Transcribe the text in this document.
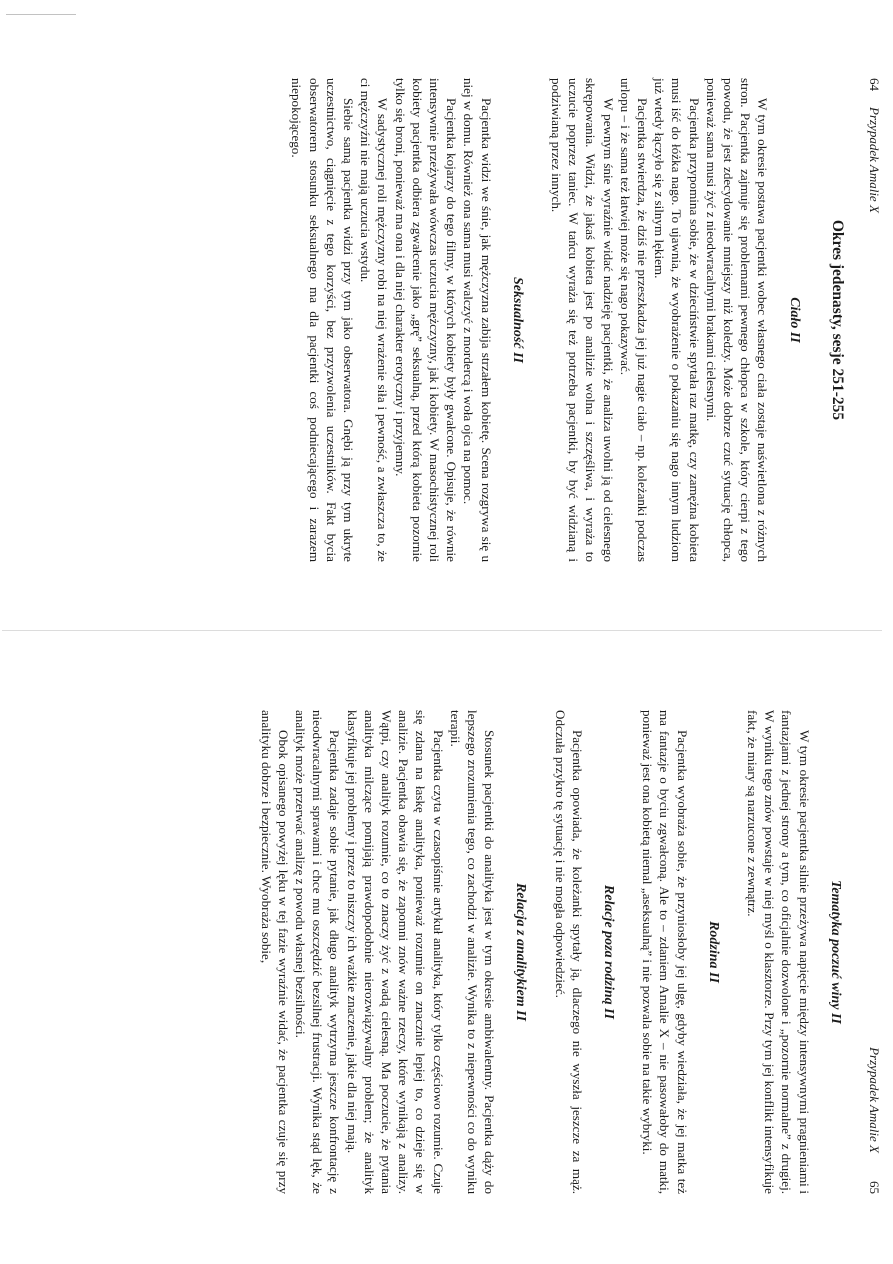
64
Przypadek Amalie X
Okres jedenasty, sesje 251-255
Ciało II

W tym okresie postawa pacjentki wobec własnego ciała zostaje naświetlona z różnych stron. Pacjentka zajmuje się problemami pewnego chłopca w szkole, który cierpi z tego powodu, że jest zdecydowanie mniejszy niż koledzy. Może dobrze czuć sytuację chłopca, ponieważ sama musi żyć z nieodwracalnymi brakami cielesnymi.

Pacjentka przypomina sobie, że w dzieciństwie spytała raz matkę, czy zamężna kobieta musi iść do łóżka nago. To ujawnia, że wyobrażenie o pokazaniu się nago innym ludziom już wtedy łączyło się z silnym lękiem.

Pacjentka stwierdza, że dziś nie przeszkadza jej już nagie ciało – np. koleżanki podczas urlopu – i że sama też łatwiej może się nago pokazywać.

W pewnym śnie wyraźnie widać nadzieję pacjentki, że analiza uwolni ją od cielesnego skrępowania. Widzi, że jakaś kobieta jest po analizie wolna i szczęśliwa, i wyraża to uczucie poprzez taniec. W tańcu wyraża się też potrzeba pacjentki, by być widzianą i podziwianą przez innych.

Seksualność II

Pacjentka widzi we śnie, jak mężczyzna zabija strzałem kobietę. Scena rozgrywa się u niej w domu. Również ona sama musi walczyć z mordercą i woła ojca na pomoc.

Pacjentka kojarzy do tego filmy, w których kobiety były gwałcone. Opisuje, że równie intensywnie przeżywała wówczas uczucia mężczyzny, jak i kobiety. W masochistycznej roli kobiety pacjentka odbiera zgwałcenie jako „grę” seksualną, przed którą kobieta pozornie tylko się broni, ponieważ ma ona i dla niej charakter erotyczny i przyjemny.

W sadystycznej roli mężczyzny robi na niej wrażenie siła i pewność, a zwłaszcza to, że ci mężczyźni nie mają uczucia wstydu.

Siebie samą pacjentka widzi przy tym jako obserwatora. Gnębi ją przy tym ukryte uczestnictwo, ciągnięcie z tego korzyści, bez przyzwolenia uczestników. Fakt bycia obserwatorem stosunku seksualnego ma dla pacjentki coś podniecającego i zarazem niepokojącego.

Przypadek Amalie X
65
Tematyka poczuć winy II

W tym okresie pacjentka silnie przeżywa napięcie między intensywnymi pragnieniami i fantazjami z jednej strony a tym, co oficjalnie dozwolone i „pozornie normalne” z drugiej. W wyniku tego znów powstaje w niej myśl o klasztorze. Przy tym jej konflikt intensyfikuje fakt, że miary są narzucone z zewnątrz.

Rodzina II

Pacjentka wyobraża sobie, że przyniosłoby jej ulgę, gdyby wiedziała, że jej matka też ma fantazje o byciu zgwałconą. Ale to – zdaniem Amalie X – nie pasowałoby do matki, ponieważ jest ona kobietą niemal „aseksualną” i nie pozwala sobie na takie wybryki.

Relacje poza rodziną II

Pacjentka opowiada, że koleżanki spytały ją, dlaczego nie wyszła jeszcze za mąż. Odczuła przykro tę sytuację i nie mogła odpowiedzieć.

Relacja z analitykiem II

Stosunek pacjentki do analityka jest w tym okresie ambiwalentny. Pacjentka dąży do lepszego zrozumienia tego, co zachodzi w analizie. Wynika to z niepewności co do wyniku terapii.

Pacjentka czyta w czasopiśmie artykuł analityka, który tylko częściowo rozumie. Czuje się zdana na łaskę analityka, ponieważ rozumie on znacznie lepiej to, co dzieje się w analizie. Pacjentka obawia się, że zapomni znów ważne rzeczy, które wynikają z analizy. Wątpi, czy analityk rozumie, co to znaczy żyć z wadą cielesną. Ma poczucie, że pytania analityka milczące pomijają prawdopodobnie nierozwiązywalny problem; że analityk klasyfikuje jej problemy i przez to niszczy ich ważkie znaczenie, jakie dla niej mają.

Pacjentka zadaje sobie pytanie, jak długo analityk wytrzyma jeszcze konfrontację z nieodwracalnymi sprawami i chce mu oszczędzić bezsilnej frustracji. Wynika stąd lęk, że analityk może przerwać analizę z powodu własnej bezsilności.

Obok opisanego powyżej lęku w tej fazie wyraźnie widać, że pacjentka czuje się przy analityku dobrze i bezpiecznie. Wyobraża sobie,
